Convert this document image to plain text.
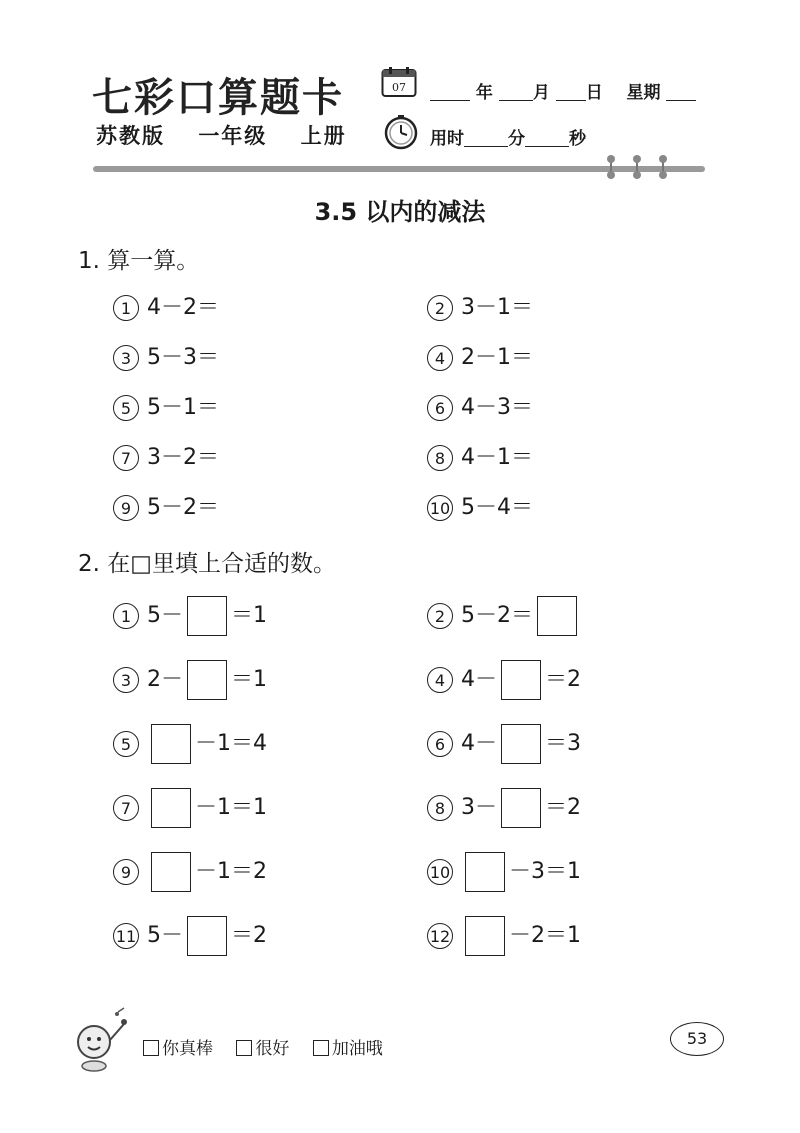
七彩口算题卡
苏教版 一年级 上册
07	年 月 日 星期
用时	分	秒
3.5 以内的减法
1. 算一算。
1 4－2＝	2 3－1＝
3 5－3＝	4 2－1＝
5 5－1＝	6 4－3＝
7 3－2＝	8 4－1＝
9 5－2＝	10 5－4＝
2. 在□里填上合适的数。
1 5－ ＝1	2 5－2＝
3 2－ ＝1	4 4－ ＝2
5	－1＝4	6 4－ ＝3
7	－1＝1	8 3－ ＝2
9	－1＝2	10	－3＝1
11 5－ ＝2	12	－2＝1
你真棒 很好 加油哦
53
